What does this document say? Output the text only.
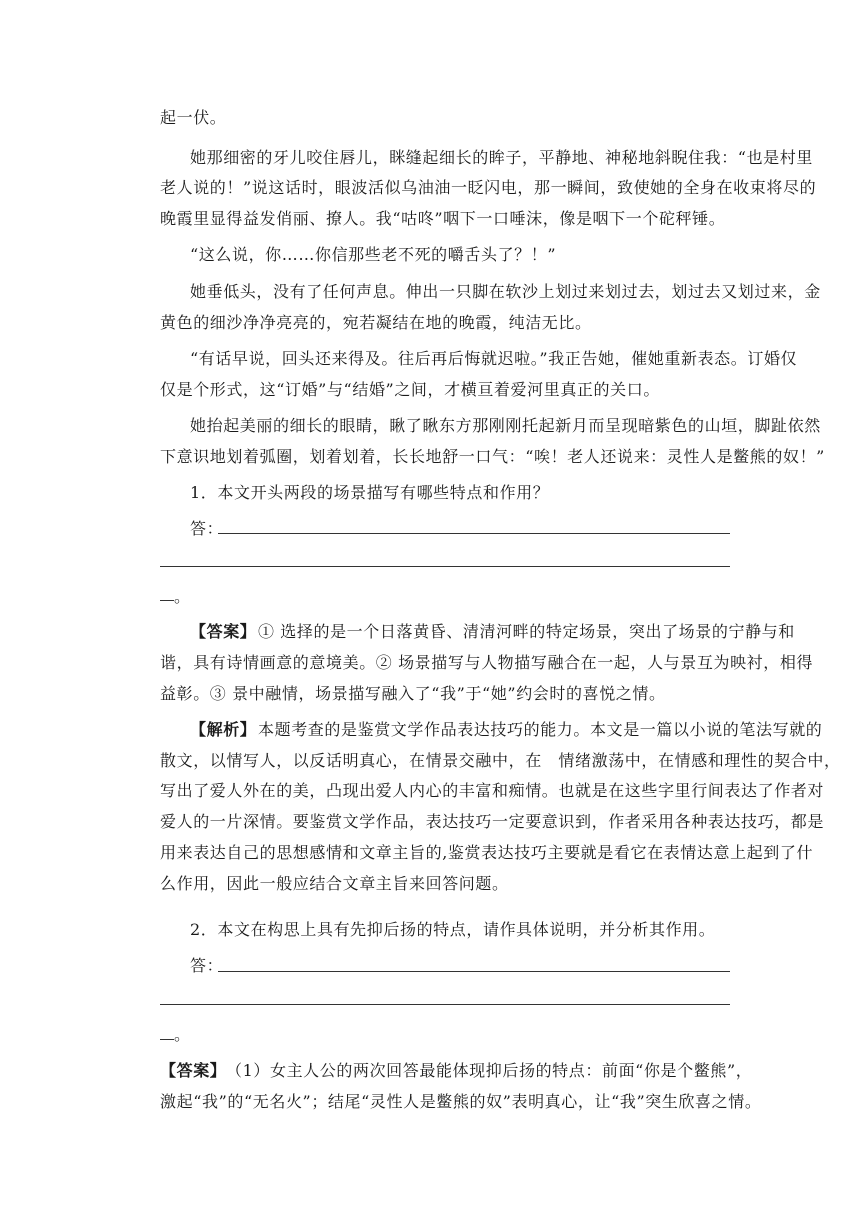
起一伏。
她那细密的牙儿咬住唇儿，眯缝起细长的眸子，平静地、神秘地斜睨住我：“也是村里
老人说的！”说这话时，眼波活似乌油油一眨闪电，那一瞬间，致使她的全身在收束将尽的
晚霞里显得益发俏丽、撩人。我“咕咚”咽下一口唾沫，像是咽下一个砣秤锤。
“这么说，你……你信那些老不死的嚼舌头了？！”
她垂低头，没有了任何声息。伸出一只脚在软沙上划过来划过去，划过去又划过来，金
黄色的细沙净净亮亮的，宛若凝结在地的晚霞，纯洁无比。
“有话早说，回头还来得及。往后再后悔就迟啦。”我正告她，催她重新表态。订婚仅
仅是个形式，这“订婚”与“结婚”之间，才横亘着爱河里真正的关口。
她抬起美丽的细长的眼睛，瞅了瞅东方那刚刚托起新月而呈现暗紫色的山垣，脚趾依然
下意识地划着弧圈，划着划着，长长地舒一口气：“唉！老人还说来：灵性人是鳖熊的奴！”
1．本文开头两段的场景描写有哪些特点和作用？
答：
。
【答案】 ① 选择的是一个日落黄昏、清清河畔的特定场景，突出了场景的宁静与和
谐，具有诗情画意的意境美。② 场景描写与人物描写融合在一起，人与景互为映衬，相得
益彰。③ 景中融情，场景描写融入了“我”于“她”约会时的喜悦之情。
【解析】 本题考查的是鉴赏文学作品表达技巧的能力。本文是一篇以小说的笔法写就的
散文，以情写人，以反话明真心，在情景交融中，在　情绪激荡中，在情感和理性的契合中，
写出了爱人外在的美，凸现出爱人内心的丰富和痴情。也就是在这些字里行间表达了作者对
爱人的一片深情。要鉴赏文学作品，表达技巧一定要意识到，作者采用各种表达技巧，都是
用来表达自己的思想感情和文章主旨的,鉴赏表达技巧主要就是看它在表情达意上起到了什
么作用，因此一般应结合文章主旨来回答问题。
2．本文在构思上具有先抑后扬的特点，请作具体说明，并分析其作用。
答：
。
【答案】 （1）女主人公的两次回答最能体现抑后扬的特点：前面“你是个鳖熊”，
激起“我”的“无名火”；结尾“灵性人是鳖熊的奴”表明真心，让“我”突生欣喜之情。
